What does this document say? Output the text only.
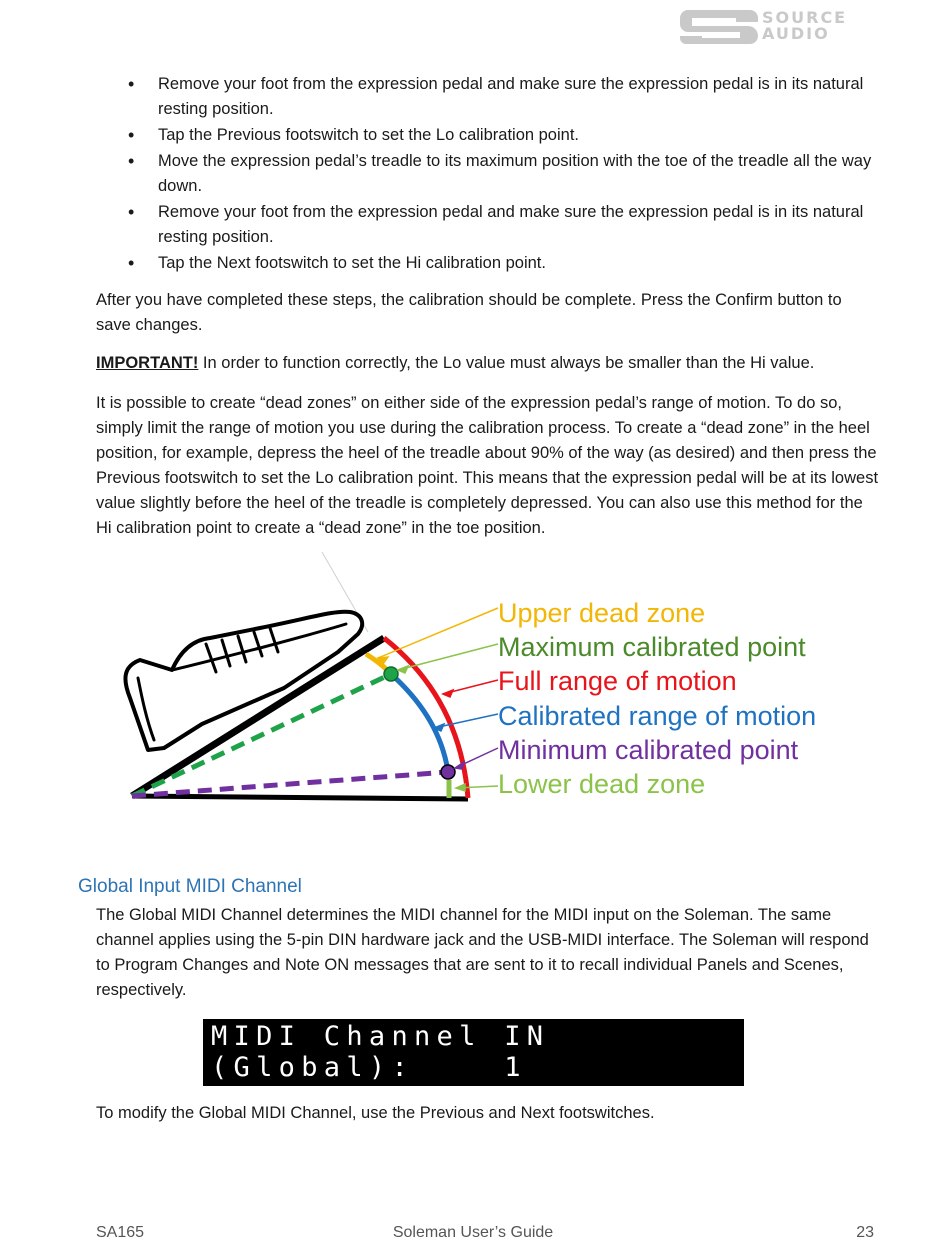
SOURCE
AUDIO
• Remove your foot from the expression pedal and make sure the expression pedal is in its natural resting position.
• Tap the Previous footswitch to set the Lo calibration point.
• Move the expression pedal’s treadle to its maximum position with the toe of the treadle all the way down.
• Remove your foot from the expression pedal and make sure the expression pedal is in its natural resting position.
• Tap the Next footswitch to set the Hi calibration point.

After you have completed these steps, the calibration should be complete. Press the Confirm button to save changes.

IMPORTANT! In order to function correctly, the Lo value must always be smaller than the Hi value.

It is possible to create “dead zones” on either side of the expression pedal’s range of motion. To do so, simply limit the range of motion you use during the calibration process. To create a “dead zone” in the heel position, for example, depress the heel of the treadle about 90% of the way (as desired) and then press the Previous footswitch to set the Lo calibration point. This means that the expression pedal will be at its lowest value slightly before the heel of the treadle is completely depressed. You can also use this method for the Hi calibration point to create a “dead zone” in the toe position.

Upper dead zone
Maximum calibrated point
Full range of motion
Calibrated range of motion
Minimum calibrated point
Lower dead zone
Global Input MIDI Channel

The Global MIDI Channel determines the MIDI channel for the MIDI input on the Soleman. The same channel applies using the 5-pin DIN hardware jack and the USB-MIDI interface. The Soleman will respond to Program Changes and Note ON messages that are sent to it to recall individual Panels and Scenes, respectively.

MIDI Channel IN
(Global):    1

To modify the Global MIDI Channel, use the Previous and Next footswitches.

SA165	Soleman User’s Guide	23
